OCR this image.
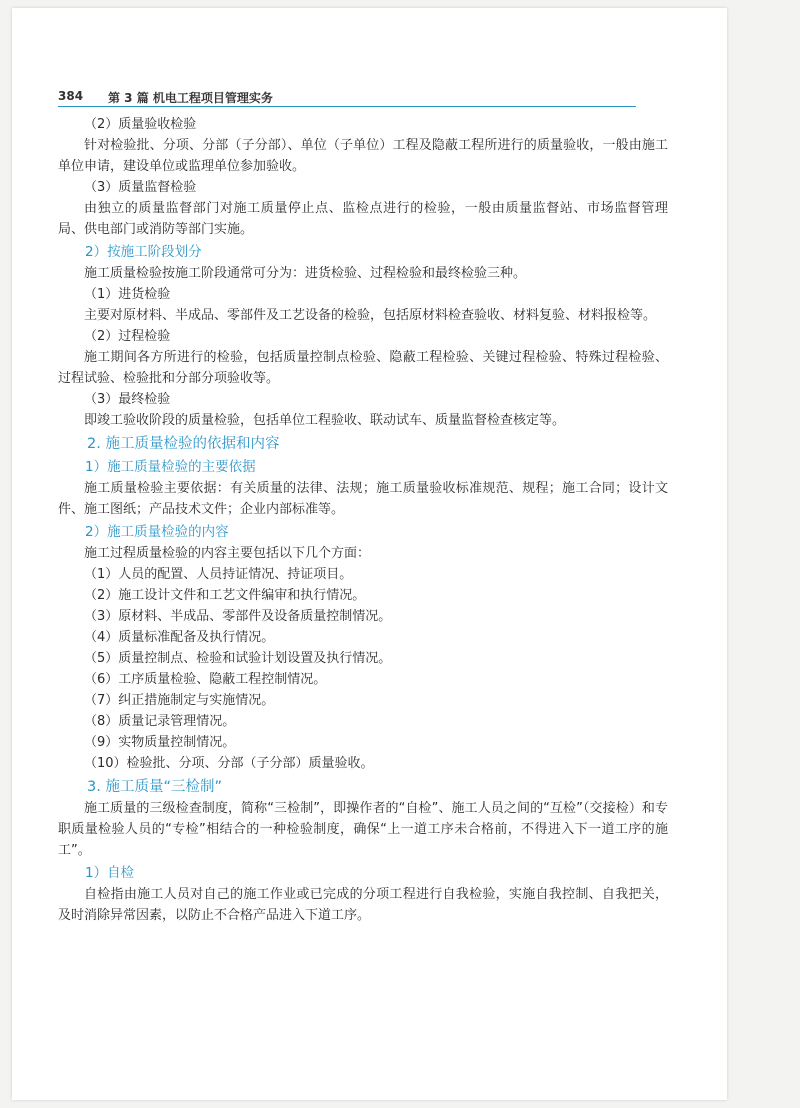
384 第 3 篇 机电工程项目管理实务

（2）质量验收检验

针对检验批、分项、分部（子分部）、单位（子单位）工程及隐蔽工程所进行的质量验收，一般由施工单位申请，建设单位或监理单位参加验收。

（3）质量监督检验

由独立的质量监督部门对施工质量停止点、监检点进行的检验，一般由质量监督站、市场监督管理局、供电部门或消防等部门实施。

2）按施工阶段划分

施工质量检验按施工阶段通常可分为：进货检验、过程检验和最终检验三种。

（1）进货检验

主要对原材料、半成品、零部件及工艺设备的检验，包括原材料检查验收、材料复验、材料报检等。

（2）过程检验

施工期间各方所进行的检验，包括质量控制点检验、隐蔽工程检验、关键过程检验、特殊过程检验、过程试验、检验批和分部分项验收等。

（3）最终检验

即竣工验收阶段的质量检验，包括单位工程验收、联动试车、质量监督检查核定等。

2. 施工质量检验的依据和内容

1）施工质量检验的主要依据

施工质量检验主要依据：有关质量的法律、法规；施工质量验收标准规范、规程；施工合同；设计文件、施工图纸；产品技术文件；企业内部标准等。

2）施工质量检验的内容

施工过程质量检验的内容主要包括以下几个方面：

（1）人员的配置、人员持证情况、持证项目。

（2）施工设计文件和工艺文件编审和执行情况。

（3）原材料、半成品、零部件及设备质量控制情况。

（4）质量标准配备及执行情况。

（5）质量控制点、检验和试验计划设置及执行情况。

（6）工序质量检验、隐蔽工程控制情况。

（7）纠正措施制定与实施情况。

（8）质量记录管理情况。

（9）实物质量控制情况。

（10）检验批、分项、分部（子分部）质量验收。

3. 施工质量“三检制”

施工质量的三级检查制度，简称“三检制”，即操作者的“自检”、施工人员之间的“互检”（交接检）和专职质量检验人员的“专检”相结合的一种检验制度，确保“上一道工序未合格前，不得进入下一道工序的施工”。

1）自检

自检指由施工人员对自己的施工作业或已完成的分项工程进行自我检验，实施自我控制、自我把关，及时消除异常因素，以防止不合格产品进入下道工序。
